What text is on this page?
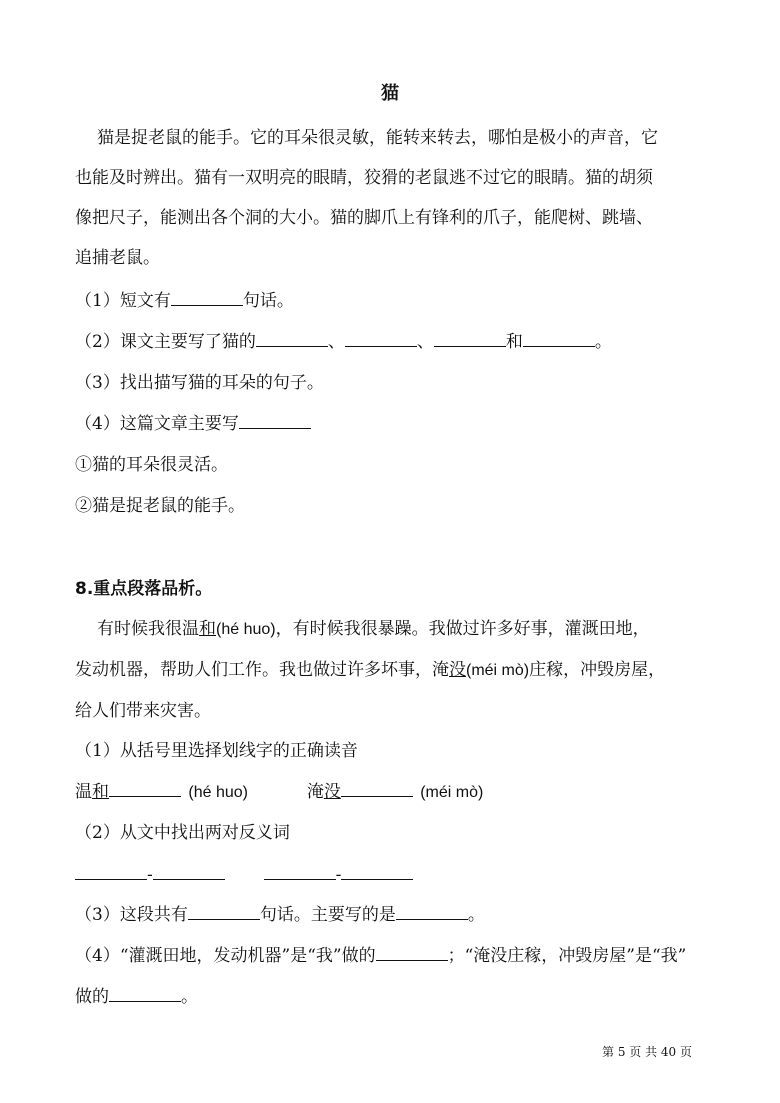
猫
猫是捉老鼠的能手。它的耳朵很灵敏，能转来转去，哪怕是极小的声音，它
也能及时辨出。猫有一双明亮的眼睛，狡猾的老鼠逃不过它的眼睛。猫的胡须
像把尺子，能测出各个洞的大小。猫的脚爪上有锋利的爪子，能爬树、跳墙、
追捕老鼠。
（1）短文有	句话。
（2）课文主要写了猫的	、	、	和	。
（3）找出描写猫的耳朵的句子。
（4）这篇文章主要写
①猫的耳朵很灵活。
②猫是捉老鼠的能手。
8.重点段落品析。
有时候我很温和(hé huo)，有时候我很暴躁。我做过许多好事，灌溉田地，
发动机器，帮助人们工作。我也做过许多坏事，淹没(méi mò)庄稼，冲毁房屋，
给人们带来灾害。
（1）从括号里选择划线字的正确读音
温和	(hé huo)	淹没	(méi mò)
（2）从文中找出两对反义词
-	-
（3）这段共有	句话。主要写的是	。
（4）“灌溉田地，发动机器”是“我”做的	；“淹没庄稼，冲毁房屋”是“我”
做的	。
第 5 页 共 40 页
